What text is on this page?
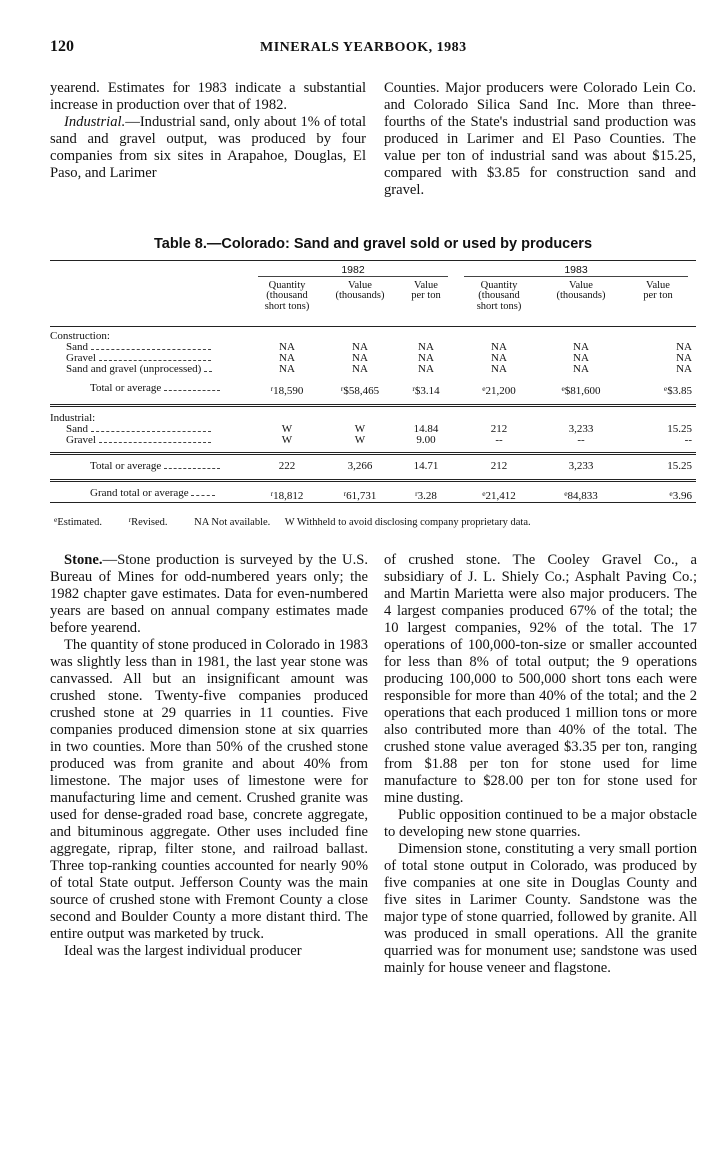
120	MINERALS YEARBOOK, 1983

yearend. Estimates for 1983 indicate a substantial increase in production over that of 1982.

Industrial.—Industrial sand, only about 1% of total sand and gravel output, was produced by four companies from six sites in Arapahoe, Douglas, El Paso, and Larimer

Counties. Major producers were Colorado Lein Co. and Colorado Silica Sand Inc. More than three-fourths of the State's industrial sand production was produced in Larimer and El Paso Counties. The value per ton of industrial sand was about $15.25, compared with $3.85 for construction sand and gravel.

Table 8.—Colorado: Sand and gravel sold or used by producers

	1982			1983		

	Quantity
(thousand
short tons)	Value
(thousands)	Value
per ton	Quantity
(thousand
short tons)	Value
(thousands)	Value
per ton
Construction:						
Sand	NA	NA	NA	NA	NA	NA
Gravel	NA	NA	NA	NA	NA	NA
Sand and gravel (unprocessed)	NA	NA	NA	NA	NA	NA

Total or average	$^r$18,590	$^r$\$58,465	$^r$\$3.14	$^e$21,200	$^e$\$81,600	$^e$\$3.85

Industrial:						
Sand	W	W	14.84	212	3,233	15.25
Gravel	W	W	9.00	--	--	--

Total or average	222	3,266	14.71	212	3,233	15.25

Grand total or average	$^r$18,812	$^r$61,731	$^r$3.28	$^e$21,412	$^e$84,833	$^e$3.96

$^e$Estimated.	$^r$Revised.	NA Not available. W Withheld to avoid disclosing company proprietary data.

Stone.—Stone production is surveyed by the U.S. Bureau of Mines for odd-numbered years only; the 1982 chapter gave estimates. Data for even-numbered years are based on annual company estimates made before yearend.

The quantity of stone produced in Colorado in 1983 was slightly less than in 1981, the last year stone was canvassed. All but an insignificant amount was crushed stone. Twenty-five companies produced crushed stone at 29 quarries in 11 counties. Five companies produced dimension stone at six quarries in two counties. More than 50% of the crushed stone produced was from granite and about 40% from limestone. The major uses of limestone were for manufacturing lime and cement. Crushed granite was used for dense-graded road base, concrete aggregate, and bituminous aggregate. Other uses included fine aggregate, riprap, filter stone, and railroad ballast. Three top-ranking counties accounted for nearly 90% of total State output. Jefferson County was the main source of crushed stone with Fremont County a close second and Boulder County a more distant third. The entire output was marketed by truck.

Ideal was the largest individual producer

of crushed stone. The Cooley Gravel Co., a subsidiary of J. L. Shiely Co.; Asphalt Paving Co.; and Martin Marietta were also major producers. The 4 largest companies produced 67% of the total; the 10 largest companies, 92% of the total. The 17 operations of 100,000-ton-size or smaller accounted for less than 8% of total output; the 9 operations producing 100,000 to 500,000 short tons each were responsible for more than 40% of the total; and the 2 operations that each produced 1 million tons or more also contributed more than 40% of the total. The crushed stone value averaged $3.35 per ton, ranging from $1.88 per ton for stone used for lime manufacture to $28.00 per ton for stone used for mine dusting.

Public opposition continued to be a major obstacle to developing new stone quarries.

Dimension stone, constituting a very small portion of total stone output in Colorado, was produced by five companies at one site in Douglas County and five sites in Larimer County. Sandstone was the major type of stone quarried, followed by granite. All was produced in small operations. All the granite quarried was for monument use; sandstone was used mainly for house veneer and flagstone.
